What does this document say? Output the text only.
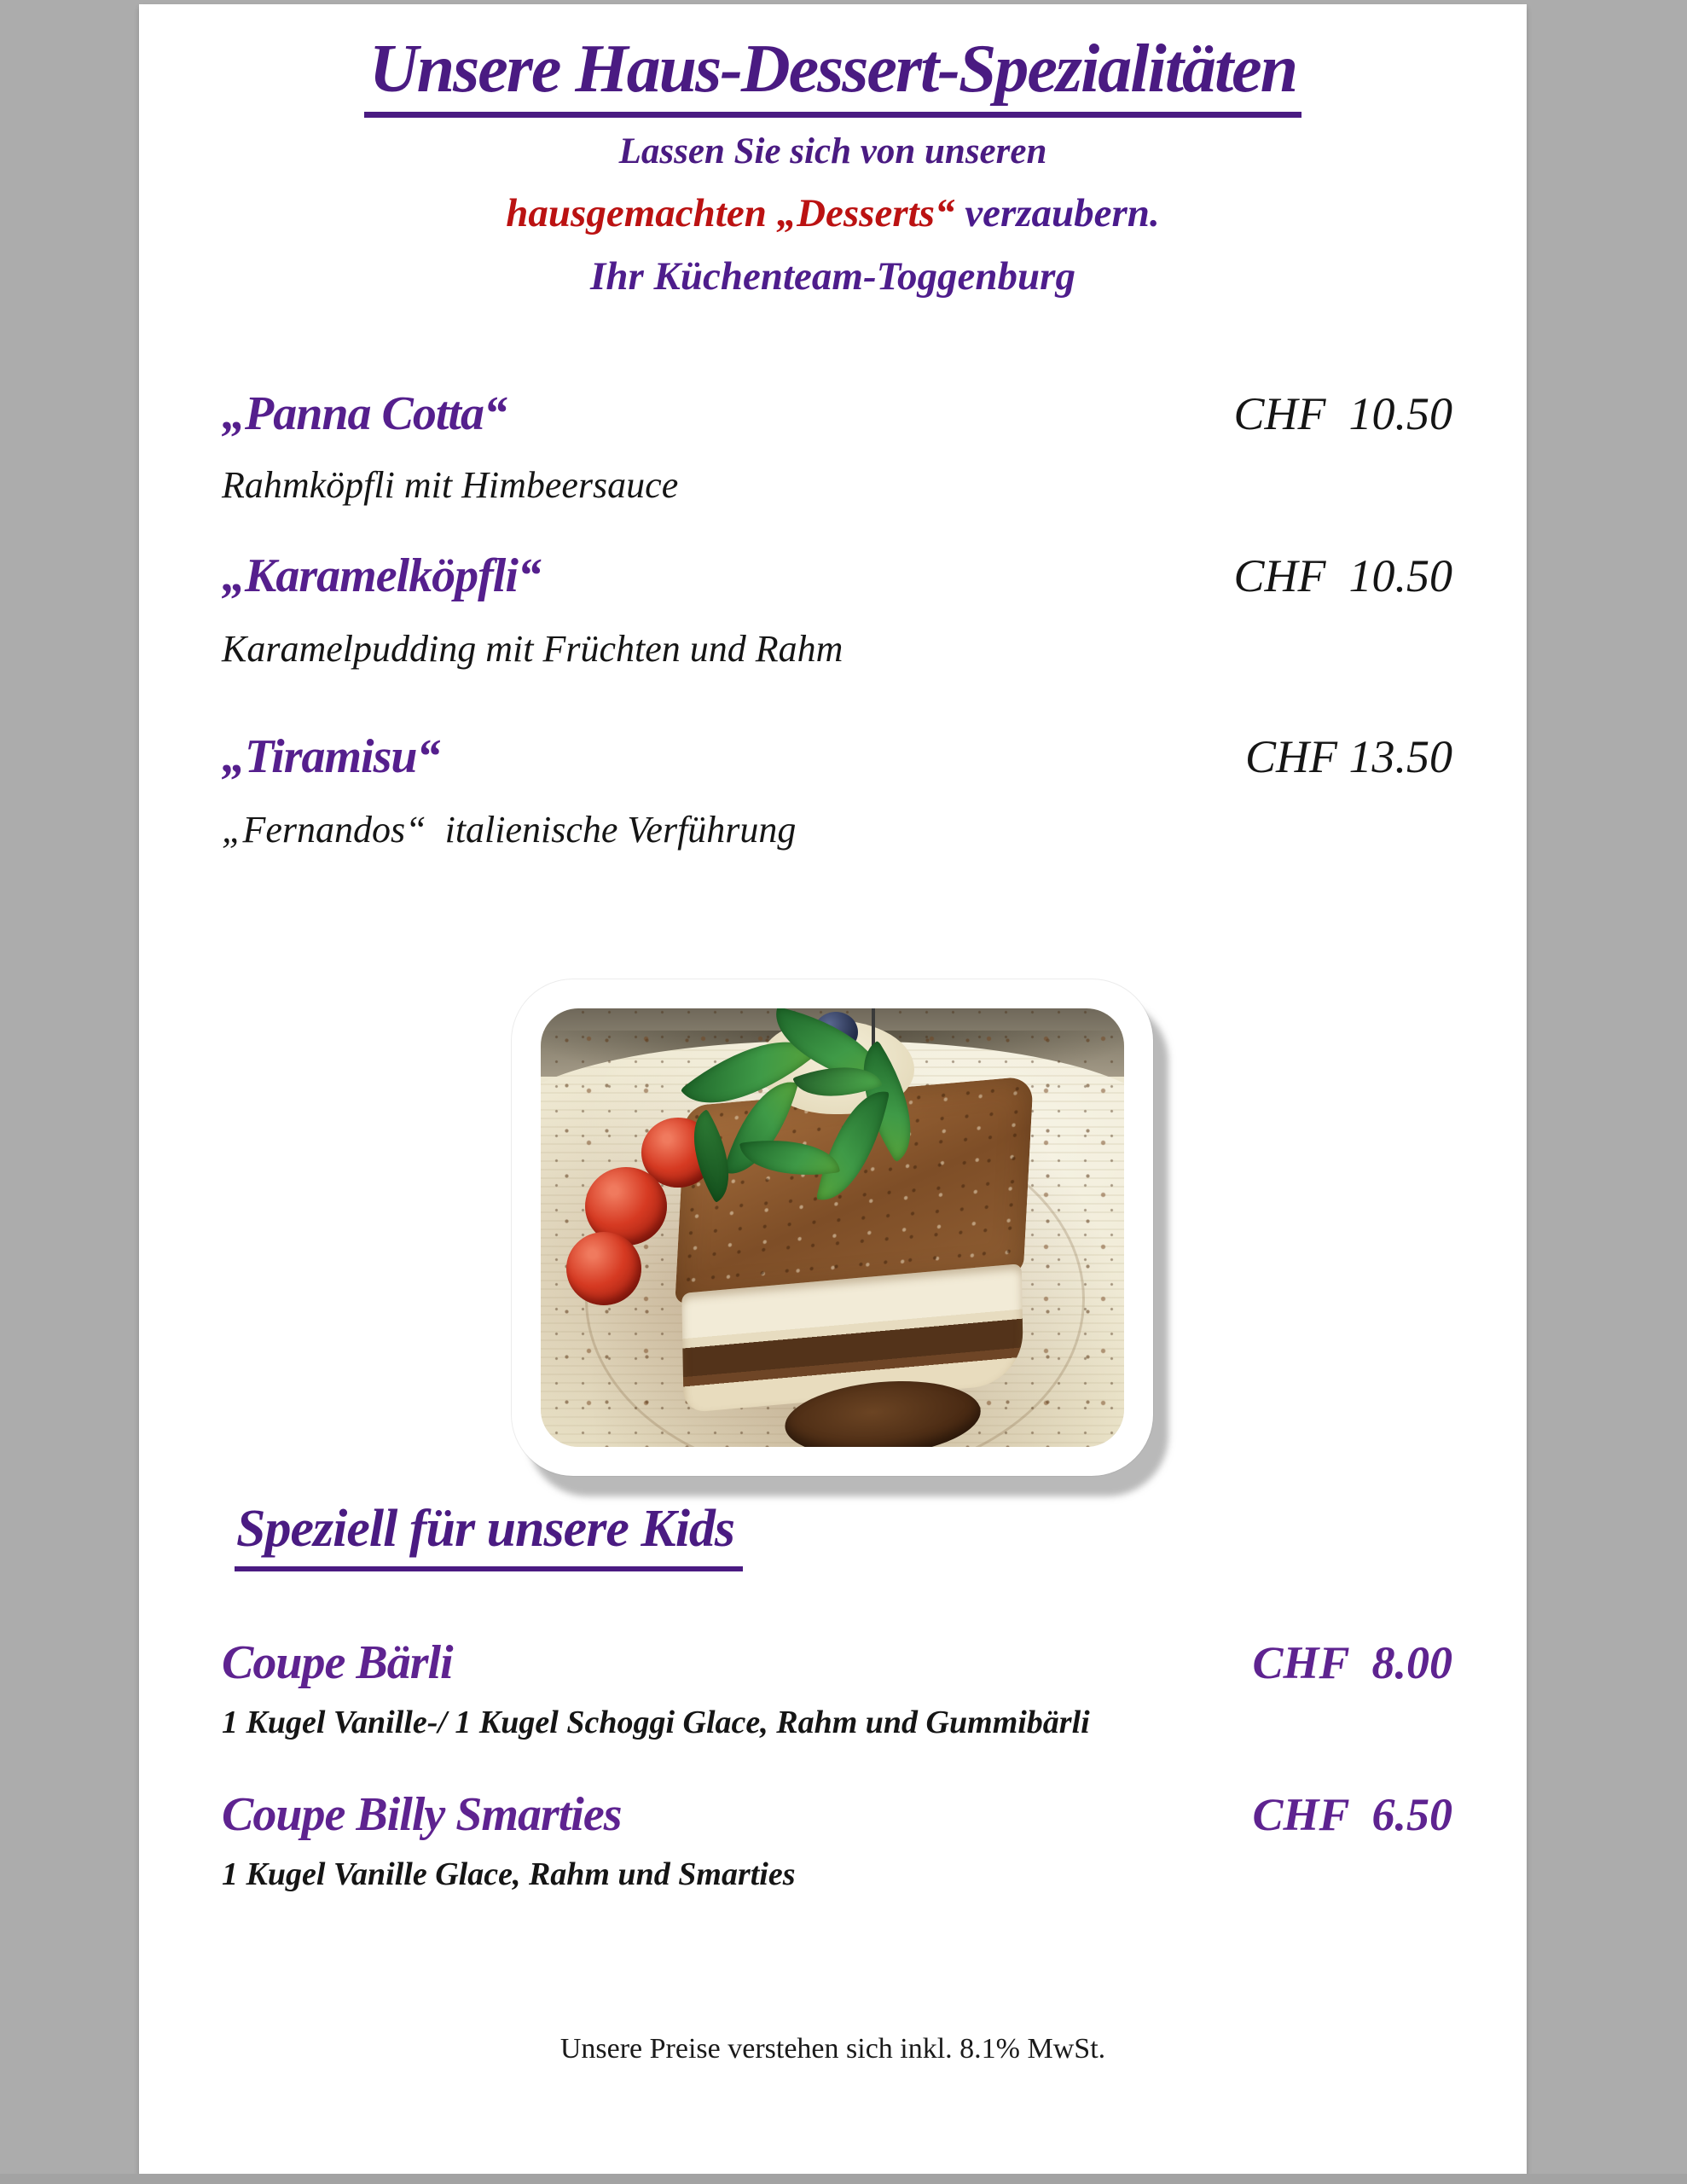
Unsere Haus-Dessert-Spezialitäten
Lassen Sie sich von unseren
hausgemachten „Desserts“ verzaubern.
Ihr Küchenteam-Toggenburg
„Panna Cotta“	CHF  10.50
Rahmköpfli mit Himbeersauce
„Karamelköpfli“	CHF  10.50
Karamelpudding mit Früchten und Rahm
„Tiramisu“	CHF 13.50
„Fernandos“  italienische Verführung
Speziell für unsere Kids
Coupe Bärli	CHF  8.00
1 Kugel Vanille-/ 1 Kugel Schoggi Glace, Rahm und Gummibärli
Coupe Billy Smarties	CHF  6.50
1 Kugel Vanille Glace, Rahm und Smarties
Unsere Preise verstehen sich inkl. 8.1% MwSt.
